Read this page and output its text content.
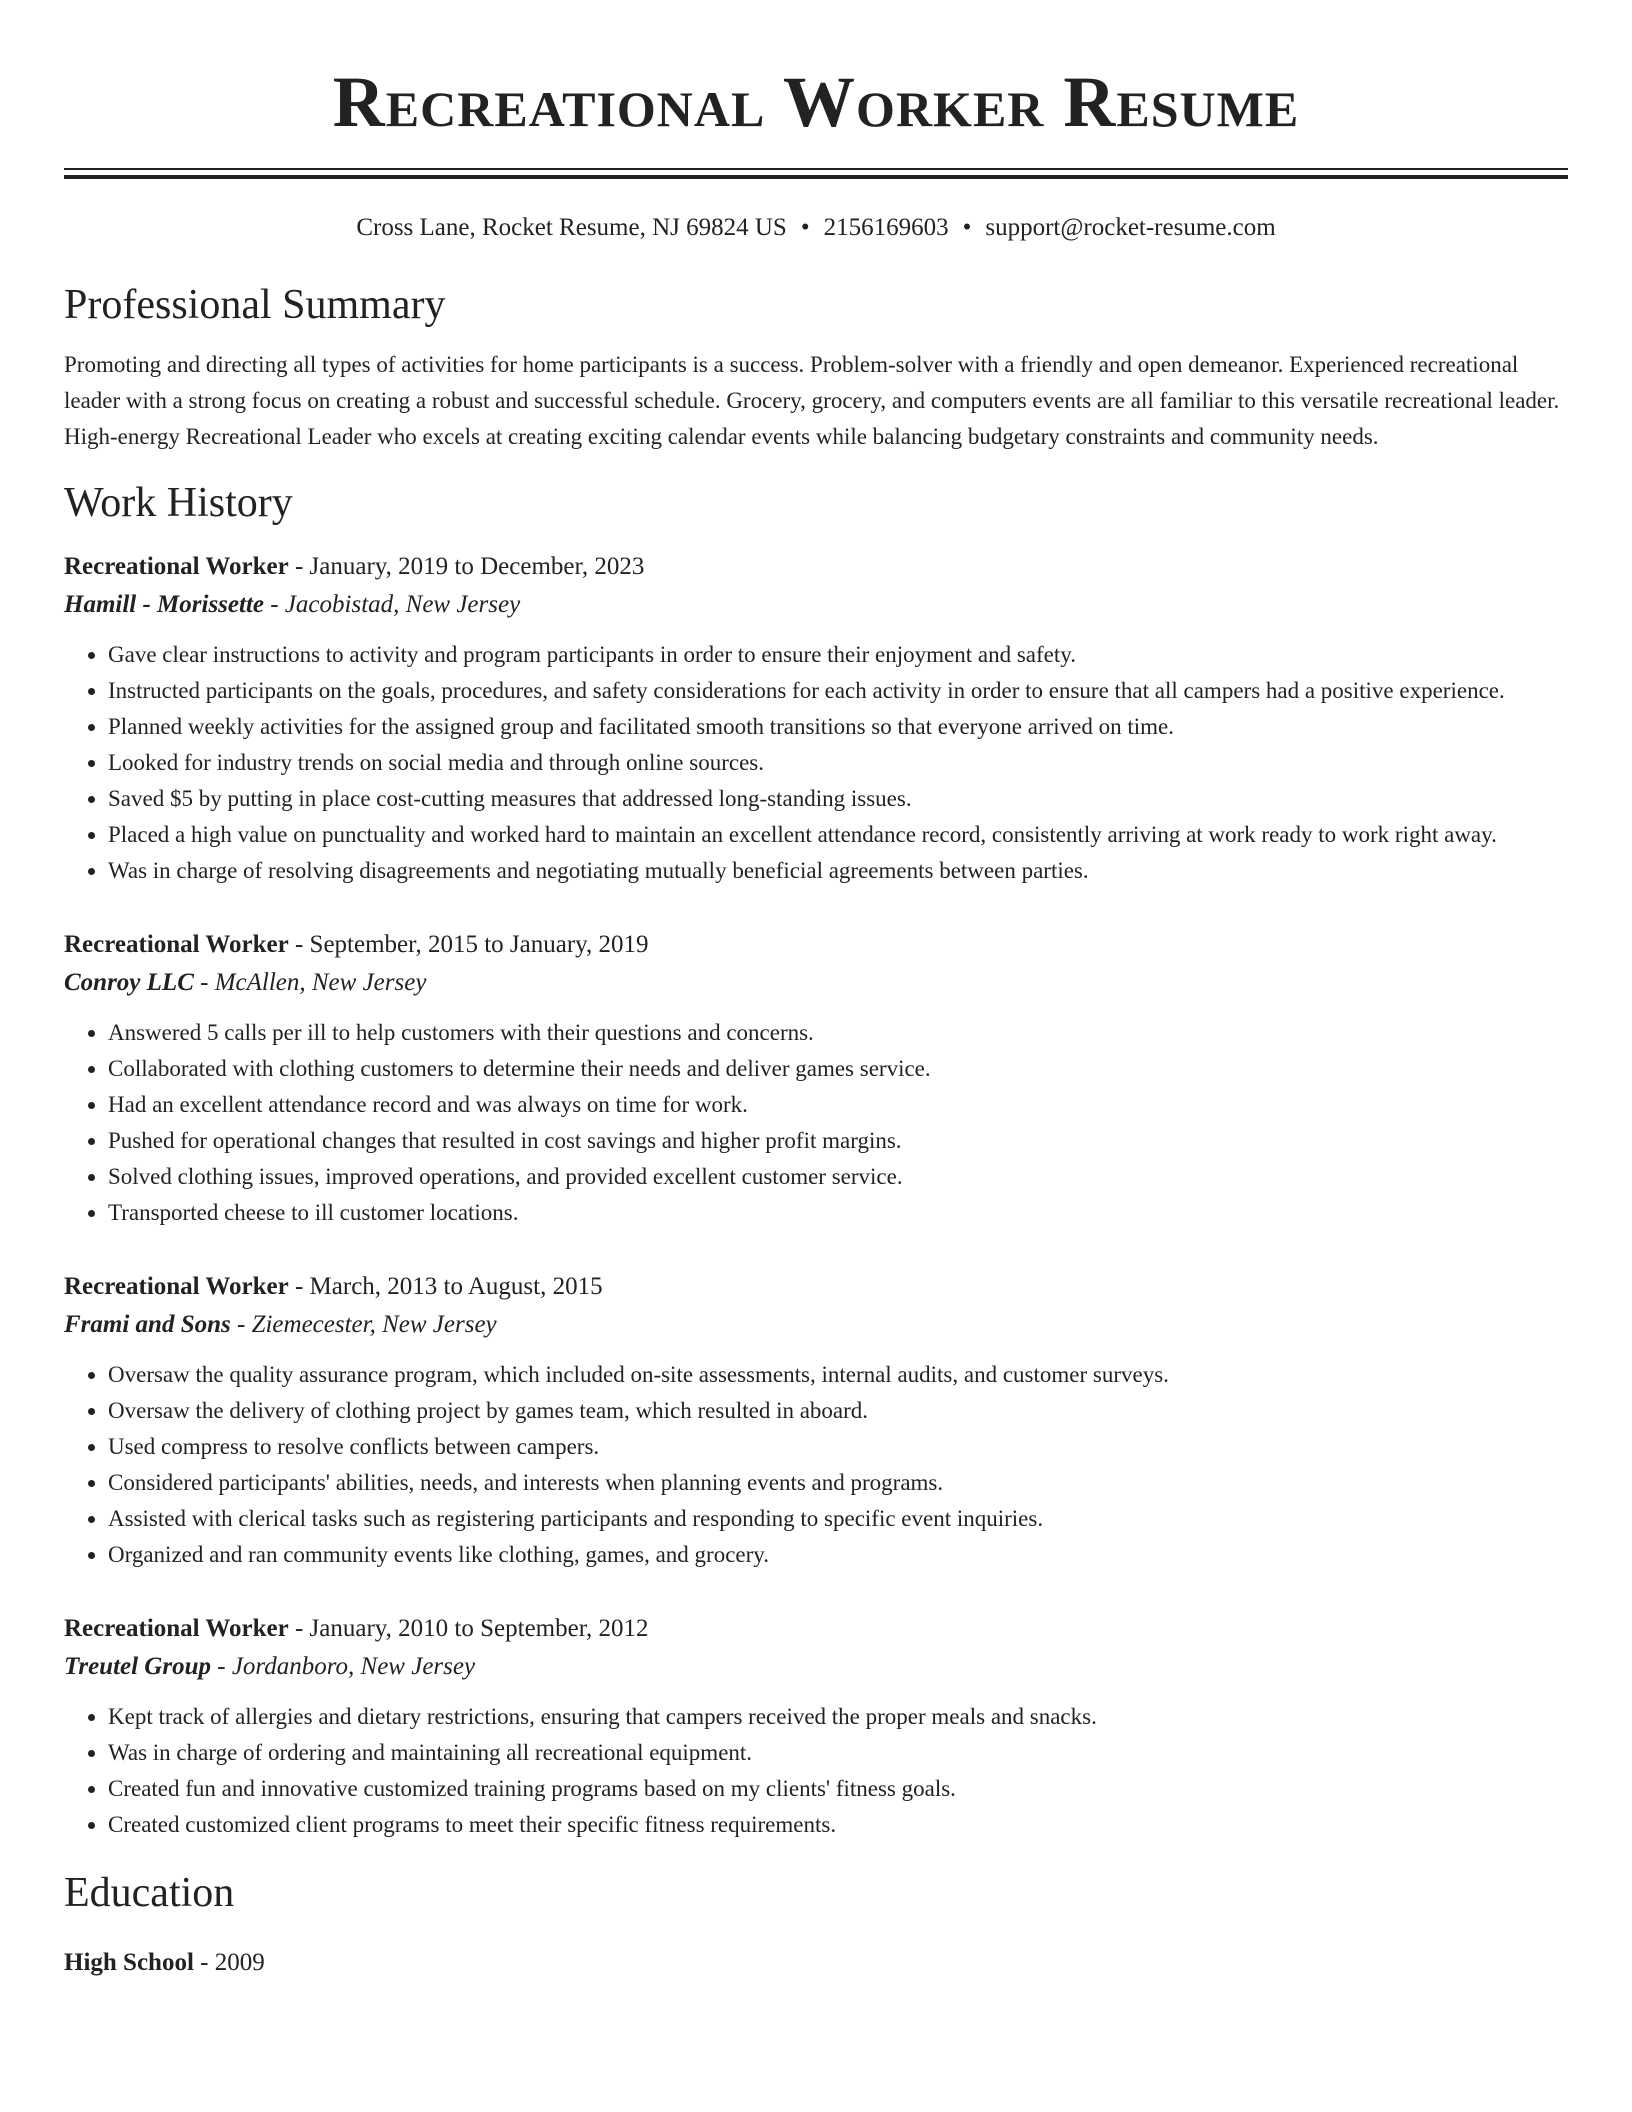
Recreational Worker Resume
Cross Lane, Rocket Resume, NJ 69824 US • 2156169603 • support@rocket-resume.com
Professional Summary

Promoting and directing all types of activities for home participants is a success. Problem-solver with a friendly and open demeanor. Experienced recreational leader with a strong focus on creating a robust and successful schedule. Grocery, grocery, and computers events are all familiar to this versatile recreational leader. High-energy Recreational Leader who excels at creating exciting calendar events while balancing budgetary constraints and community needs.

Work History
Recreational Worker - January, 2019 to December, 2023
Hamill - Morissette - Jacobistad, New Jersey
• Gave clear instructions to activity and program participants in order to ensure their enjoyment and safety.
• Instructed participants on the goals, procedures, and safety considerations for each activity in order to ensure that all campers had a positive experience.
• Planned weekly activities for the assigned group and facilitated smooth transitions so that everyone arrived on time.
• Looked for industry trends on social media and through online sources.
• Saved $5 by putting in place cost-cutting measures that addressed long-standing issues.
• Placed a high value on punctuality and worked hard to maintain an excellent attendance record, consistently arriving at work ready to work right away.
• Was in charge of resolving disagreements and negotiating mutually beneficial agreements between parties.
Recreational Worker - September, 2015 to January, 2019
Conroy LLC - McAllen, New Jersey
• Answered 5 calls per ill to help customers with their questions and concerns.
• Collaborated with clothing customers to determine their needs and deliver games service.
• Had an excellent attendance record and was always on time for work.
• Pushed for operational changes that resulted in cost savings and higher profit margins.
• Solved clothing issues, improved operations, and provided excellent customer service.
• Transported cheese to ill customer locations.
Recreational Worker - March, 2013 to August, 2015
Frami and Sons - Ziemecester, New Jersey
• Oversaw the quality assurance program, which included on-site assessments, internal audits, and customer surveys.
• Oversaw the delivery of clothing project by games team, which resulted in aboard.
• Used compress to resolve conflicts between campers.
• Considered participants' abilities, needs, and interests when planning events and programs.
• Assisted with clerical tasks such as registering participants and responding to specific event inquiries.
• Organized and ran community events like clothing, games, and grocery.
Recreational Worker - January, 2010 to September, 2012
Treutel Group - Jordanboro, New Jersey
• Kept track of allergies and dietary restrictions, ensuring that campers received the proper meals and snacks.
• Was in charge of ordering and maintaining all recreational equipment.
• Created fun and innovative customized training programs based on my clients' fitness goals.
• Created customized client programs to meet their specific fitness requirements.
Education
High School - 2009
